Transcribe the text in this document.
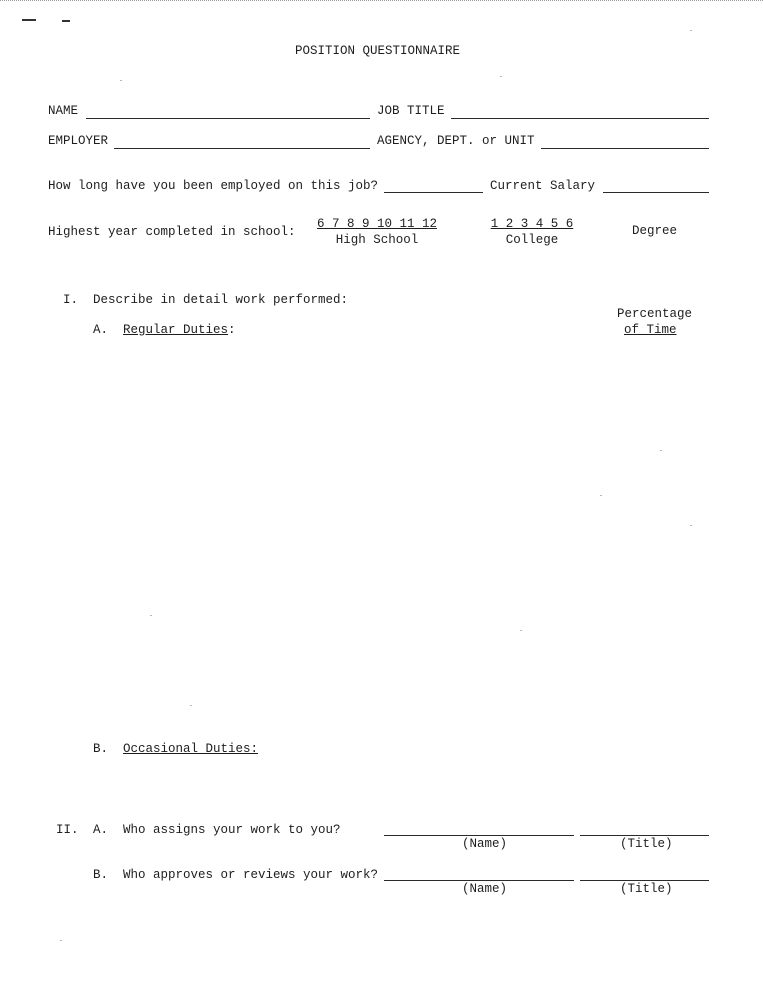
POSITION QUESTIONNAIRE
NAME	JOB TITLE
EMPLOYER	AGENCY, DEPT. or UNIT
How long have you been employed on this job?	Current Salary
Highest year completed in school:
6 7 8 9 10 11 12
High School
1 2 3 4 5 6
College
Degree
I. Describe in detail work performed:
Percentage
of Time
A. Regular Duties:
B. Occasional Duties:
II. A. Who assigns your work to you?
(Name)	(Title)
B. Who approves or reviews your work?
(Name)	(Title)
